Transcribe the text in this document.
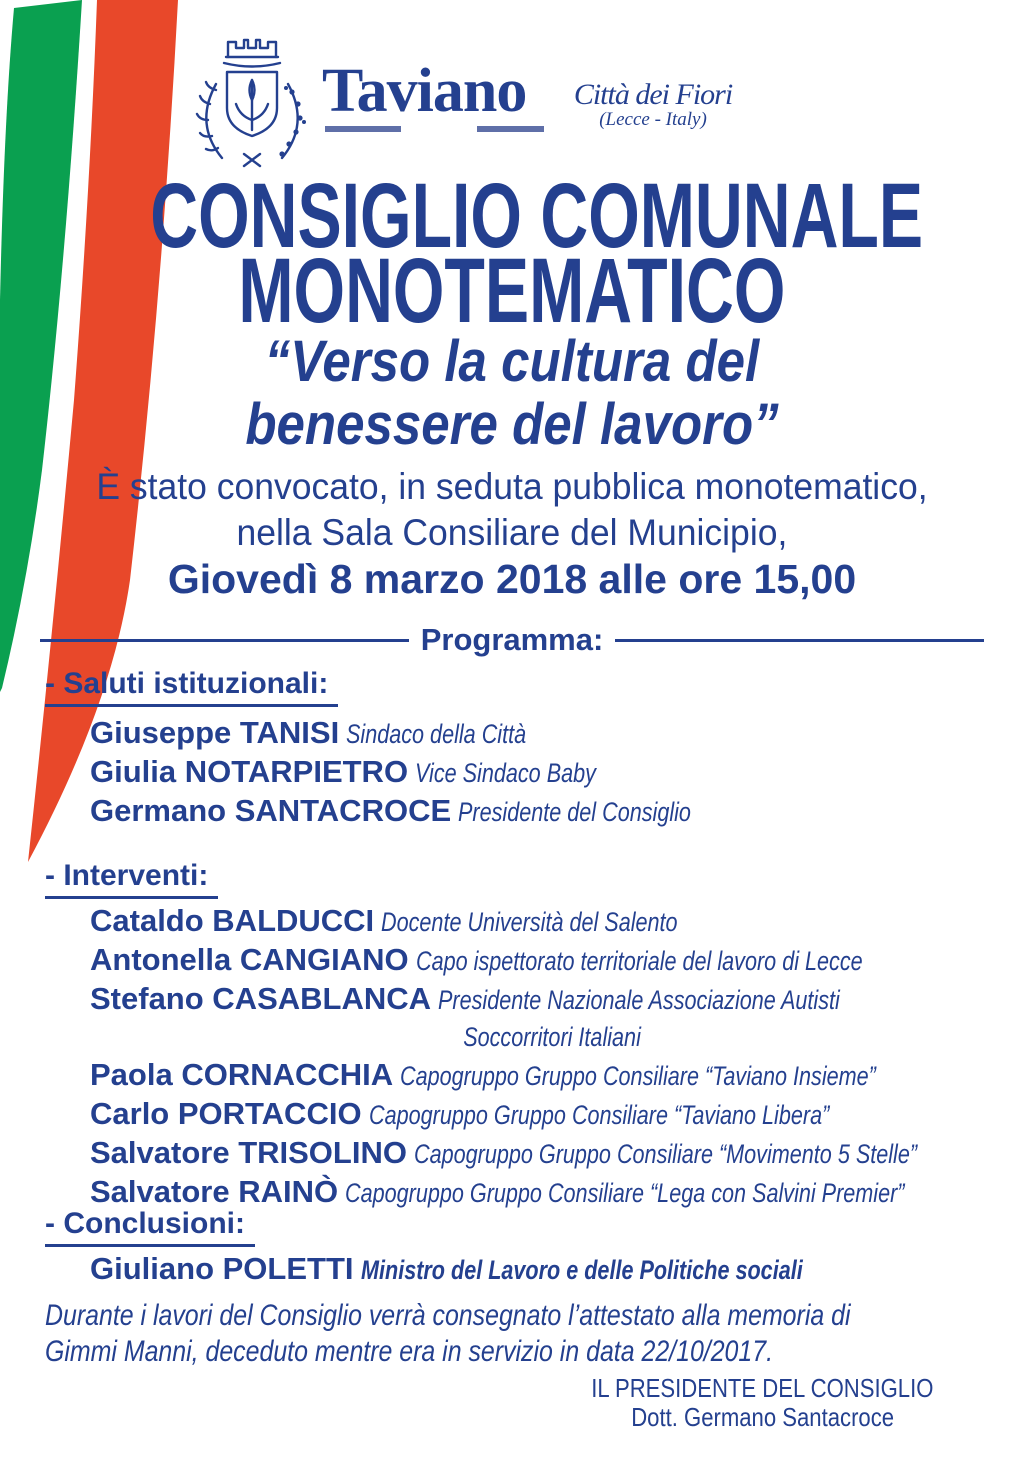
Taviano	Città dei Fiori
(Lecce - Italy)
CONSIGLIO COMUNALE
MONOTEMATICO
“Verso la cultura del
benessere del lavoro”
È stato convocato, in seduta pubblica monotematico,
nella Sala Consiliare del Municipio,
Giovedì 8 marzo 2018 alle ore 15,00
Programma:
- Saluti istituzionali:
Giuseppe TANISI Sindaco della Città
Giulia NOTARPIETRO Vice Sindaco Baby
Germano SANTACROCE Presidente del Consiglio
- Interventi:
Cataldo BALDUCCI Docente Università del Salento
Antonella CANGIANO Capo ispettorato territoriale del lavoro di Lecce
Stefano CASABLANCA Presidente Nazionale Associazione Autisti
Soccorritori Italiani
Paola CORNACCHIA Capogruppo Gruppo Consiliare “Taviano Insieme”
Carlo PORTACCIO Capogruppo Gruppo Consiliare “Taviano Libera”
Salvatore TRISOLINO Capogruppo Gruppo Consiliare “Movimento 5 Stelle”
Salvatore RAINÒ Capogruppo Gruppo Consiliare “Lega con Salvini Premier”
- Conclusioni:
Giuliano POLETTI Ministro del Lavoro e delle Politiche sociali
Durante i lavori del Consiglio verrà consegnato l’attestato alla memoria di
Gimmi Manni, deceduto mentre era in servizio in data 22/10/2017.
IL PRESIDENTE DEL CONSIGLIO
Dott. Germano Santacroce
